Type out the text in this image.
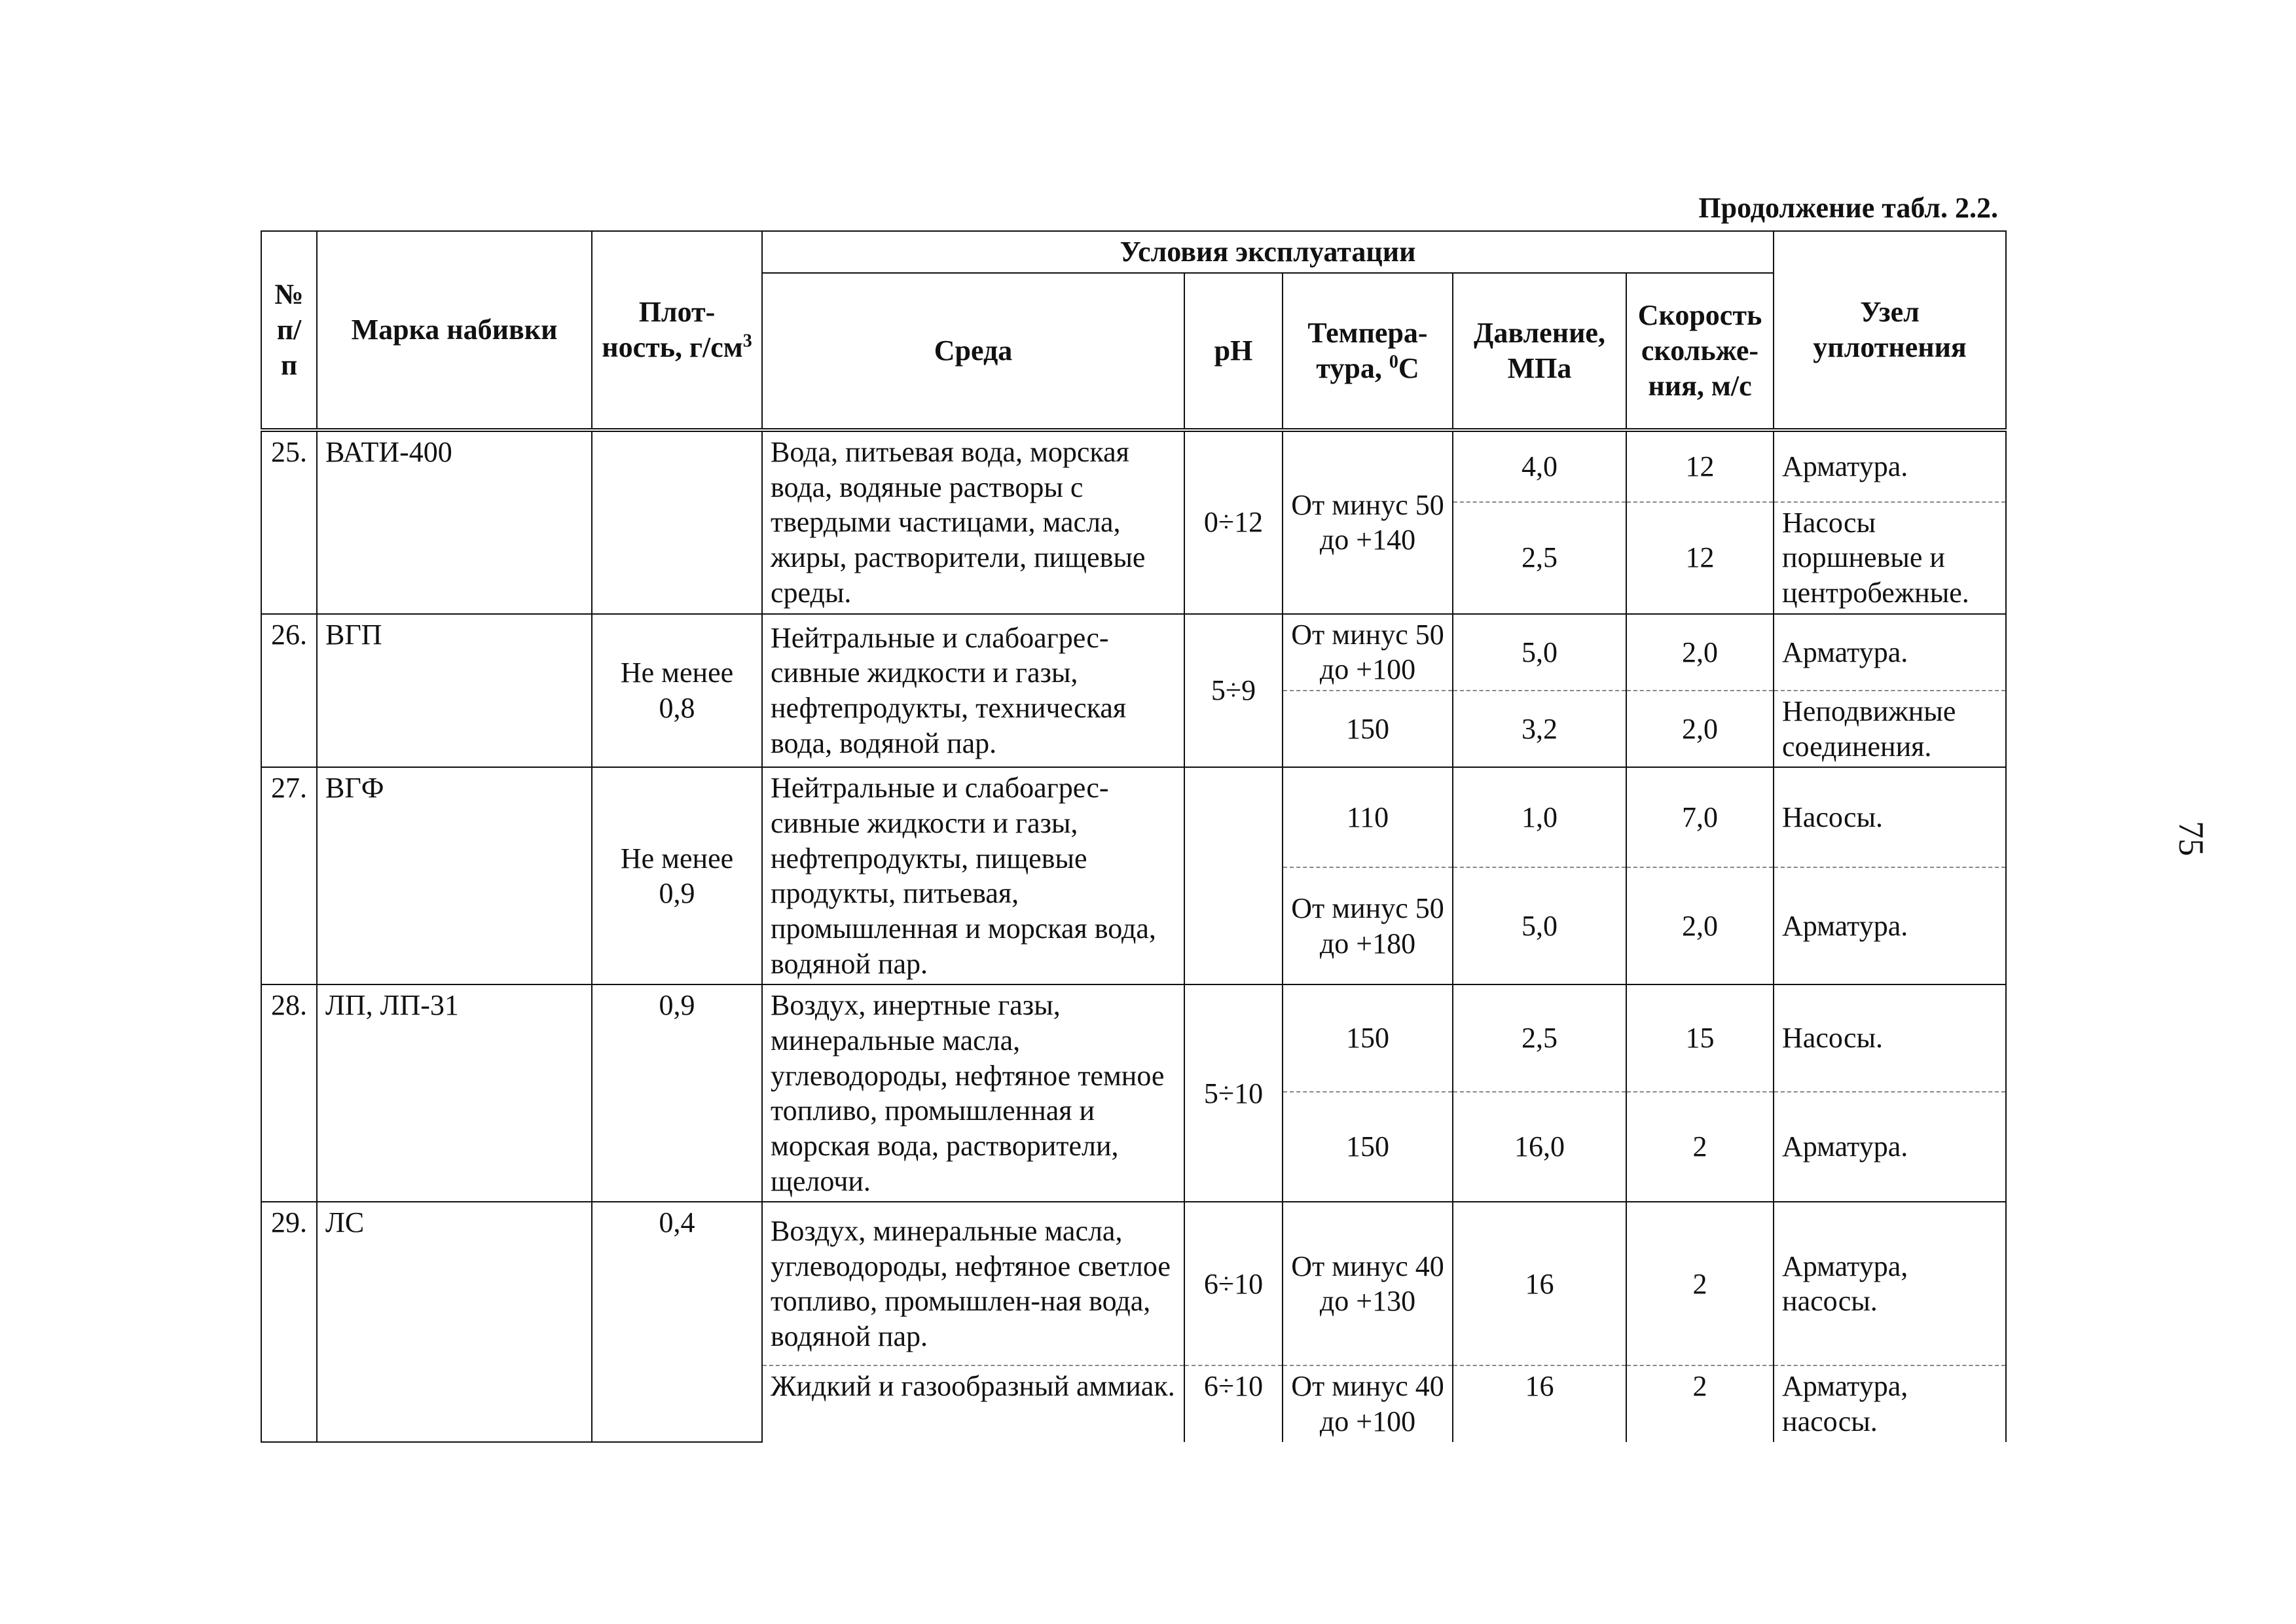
Продолжение табл. 2.2.
75
№ п/п	Марка набивки	Плот-ность, $г/см^3$	Условия эксплуатации					Узел уплотнения
			Среда	pH	Темпера-тура, $^0$С	Давление, МПа	Скорость скольже-ния, м/с	
25.	ВАТИ-400		Вода, питьевая вода, морская вода, водяные растворы с твердыми частицами, масла, жиры, растворители, пищевые среды.	0÷12	От минус 50 до +140	4,0	12	Арматура.
						2,5	12	Насосы поршневые и центробежные.
26.	ВГП	Не менее 0,8	Нейтральные и слабоагрес-сивные жидкости и газы, нефтепродукты, техническая вода, водяной пар.	5÷9	От минус 50 до +100	5,0	2,0	Арматура.
					150	3,2	2,0	Неподвижные соединения.
27.	ВГФ	Не менее 0,9	Нейтральные и слабоагрес-сивные жидкости и газы, нефтепродукты, пищевые продукты, питьевая, промышленная и морская вода, водяной пар.		110	1,0	7,0	Насосы.
					От минус 50 до +180	5,0	2,0	Арматура.
28.	ЛП, ЛП-31	0,9	Воздух, инертные газы, минеральные масла, углеводороды, нефтяное темное топливо, промышленная и морская вода, растворители, щелочи.	5÷10	150	2,5	15	Насосы.
					150	16,0	2	Арматура.
29.	ЛС	0,4	Воздух, минеральные масла, углеводороды, нефтяное светлое топливо, промышлен-ная вода, водяной пар.	6÷10	От минус 40 до +130	16	2	Арматура, насосы.
			Жидкий и газообразный аммиак.	6÷10	От минус 40 до +100	16	2	Арматура, насосы.
